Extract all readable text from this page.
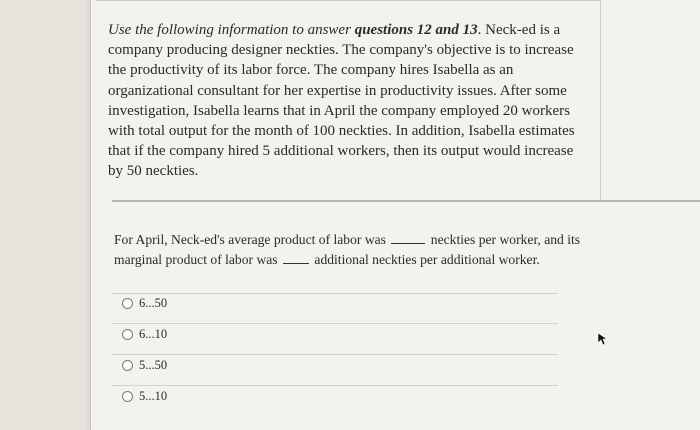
Use the following information to answer questions 12 and 13. Neck-ed is a company producing designer neckties. The company's objective is to increase the productivity of its labor force. The company hires Isabella as an organizational consultant for her expertise in productivity issues. After some investigation, Isabella learns that in April the company employed 20 workers with total output for the month of 100 neckties. In addition, Isabella estimates that if the company hired 5 additional workers, then its output would increase by 50 neckties.
For April, Neck-ed's average product of labor was	neckties per worker, and its marginal product of labor was	additional neckties per additional worker.
6...50
6...10
5...50
5...10
